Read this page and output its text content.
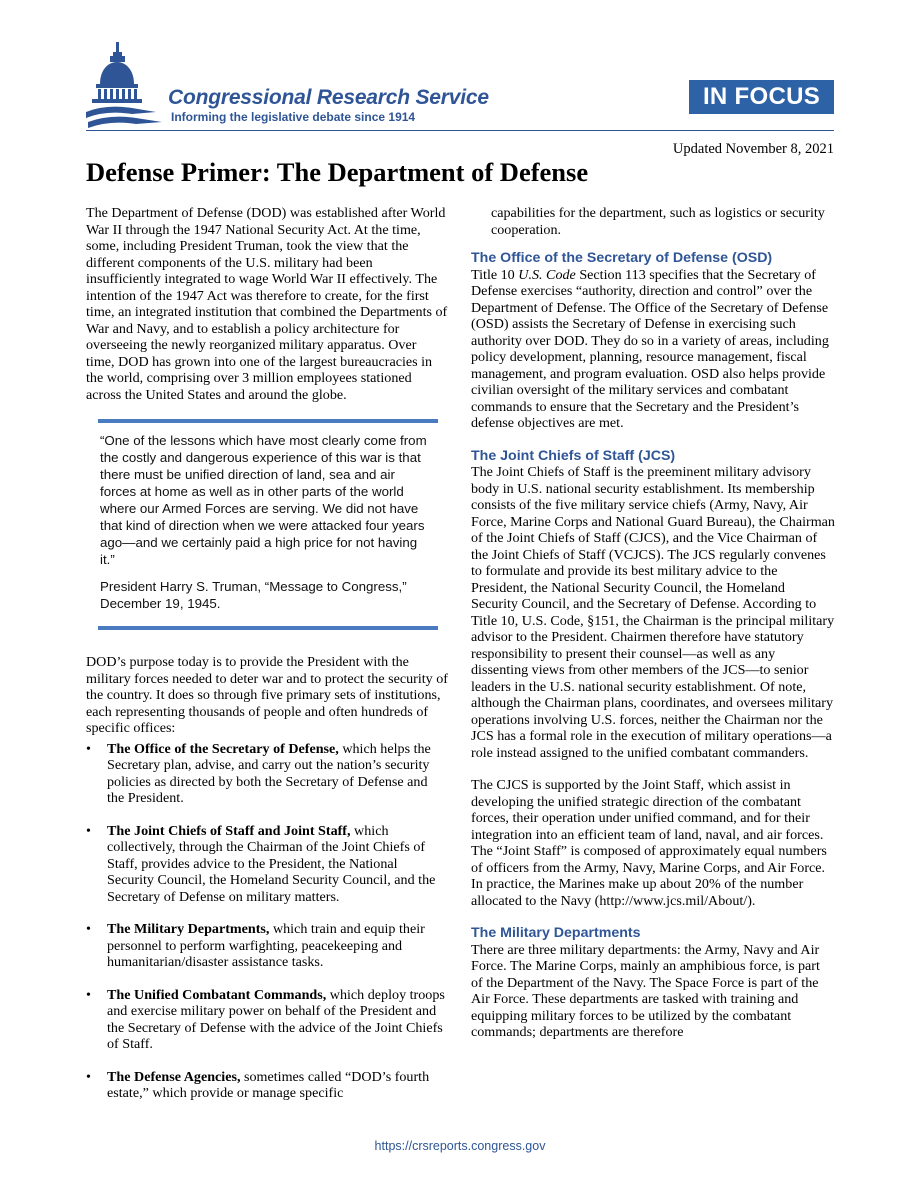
Congressional Research Service
Informing the legislative debate since 1914
IN FOCUS
Updated November 8, 2021
Defense Primer: The Department of Defense

The Department of Defense (DOD) was established after World War II through the 1947 National Security Act. At the time, some, including President Truman, took the view that the different components of the U.S. military had been insufficiently integrated to wage World War II effectively. The intention of the 1947 Act was therefore to create, for the first time, an integrated institution that combined the Departments of War and Navy, and to establish a policy architecture for overseeing the newly reorganized military apparatus. Over time, DOD has grown into one of the largest bureaucracies in the world, comprising over 3 million employees stationed across the United States and around the globe.

“One of the lessons which have most clearly come from the costly and dangerous experience of this war is that there must be unified direction of land, sea and air forces at home as well as in other parts of the world where our Armed Forces are serving. We did not have that kind of direction when we were attacked four years ago—and we certainly paid a high price for not having it.”

President Harry S. Truman, “Message to Congress,” December 19, 1945.

DOD’s purpose today is to provide the President with the military forces needed to deter war and to protect the security of the country. It does so through five primary sets of institutions, each representing thousands of people and often hundreds of specific offices:

• The Office of the Secretary of Defense, which helps the Secretary plan, advise, and carry out the nation’s security policies as directed by both the Secretary of Defense and the President.
• The Joint Chiefs of Staff and Joint Staff, which collectively, through the Chairman of the Joint Chiefs of Staff, provides advice to the President, the National Security Council, the Homeland Security Council, and the Secretary of Defense on military matters.
• The Military Departments, which train and equip their personnel to perform warfighting, peacekeeping and humanitarian/disaster assistance tasks.
• The Unified Combatant Commands, which deploy troops and exercise military power on behalf of the President and the Secretary of Defense with the advice of the Joint Chiefs of Staff.
• The Defense Agencies, sometimes called “DOD’s fourth estate,” which provide or manage specific

capabilities for the department, such as logistics or security cooperation.

The Office of the Secretary of Defense (OSD)

Title 10 U.S. Code Section 113 specifies that the Secretary of Defense exercises “authority, direction and control” over the Department of Defense. The Office of the Secretary of Defense (OSD) assists the Secretary of Defense in exercising such authority over DOD. They do so in a variety of areas, including policy development, planning, resource management, fiscal management, and program evaluation. OSD also helps provide civilian oversight of the military services and combatant commands to ensure that the Secretary and the President’s defense objectives are met.

The Joint Chiefs of Staff (JCS)

The Joint Chiefs of Staff is the preeminent military advisory body in U.S. national security establishment. Its membership consists of the five military service chiefs (Army, Navy, Air Force, Marine Corps and National Guard Bureau), the Chairman of the Joint Chiefs of Staff (CJCS), and the Vice Chairman of the Joint Chiefs of Staff (VCJCS). The JCS regularly convenes to formulate and provide its best military advice to the President, the National Security Council, the Homeland Security Council, and the Secretary of Defense. According to Title 10, U.S. Code, §151, the Chairman is the principal military advisor to the President. Chairmen therefore have statutory responsibility to present their counsel—as well as any dissenting views from other members of the JCS—to senior leaders in the U.S. national security establishment. Of note, although the Chairman plans, coordinates, and oversees military operations involving U.S. forces, neither the Chairman nor the JCS has a formal role in the execution of military operations—a role instead assigned to the unified combatant commanders.

The CJCS is supported by the Joint Staff, which assist in developing the unified strategic direction of the combatant forces, their operation under unified command, and for their integration into an efficient team of land, naval, and air forces. The “Joint Staff” is composed of approximately equal numbers of officers from the Army, Navy, Marine Corps, and Air Force. In practice, the Marines make up about 20% of the number allocated to the Navy (http://www.jcs.mil/About/).

The Military Departments

There are three military departments: the Army, Navy and Air Force. The Marine Corps, mainly an amphibious force, is part of the Department of the Navy. The Space Force is part of the Air Force. These departments are tasked with training and equipping military forces to be utilized by the combatant commands; departments are therefore

https://crsreports.congress.gov
